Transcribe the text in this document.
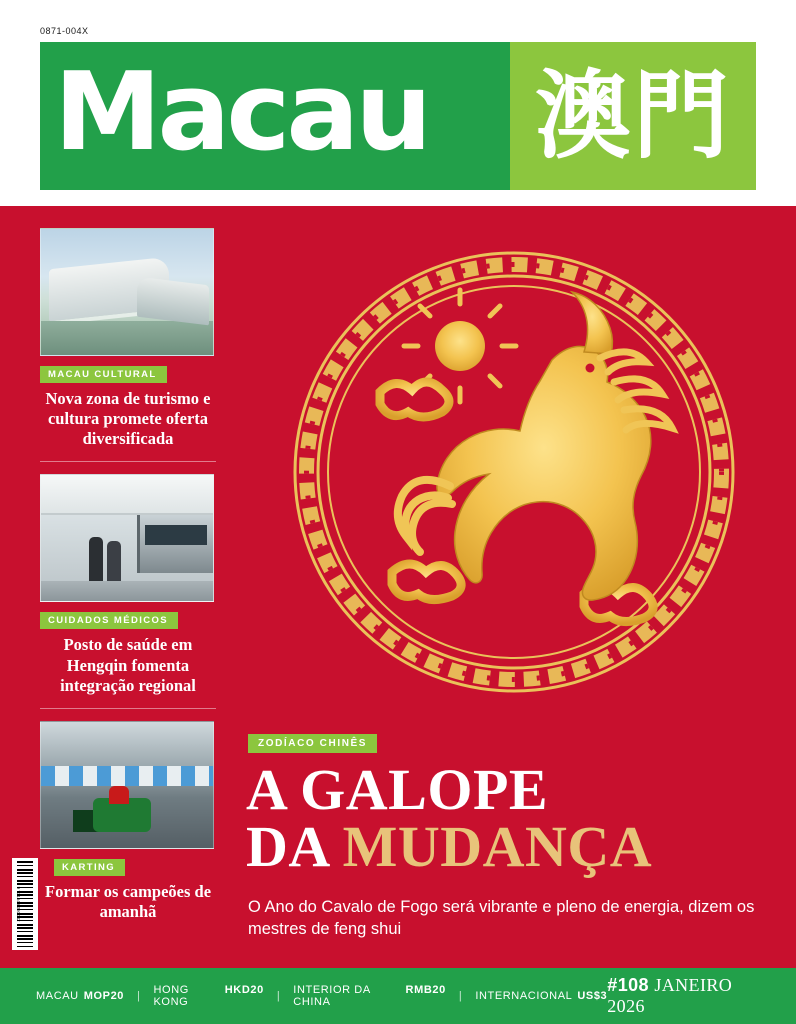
0871-004X
Macau 澳門
MACAU CULTURAL
Nova zona de turismo e cultura promete oferta diversificada
CUIDADOS MÉDICOS
Posto de saúde em Hengqin fomenta integração regional
KARTING
Formar os campeões de amanhã
9 771646 360042
ZODÍACO CHINÊS
A GALOPE
DA MUDANÇA
O Ano do Cavalo de Fogo será vibrante e pleno de energia, dizem os mestres de feng shui
MACAU MOP20 | HONG KONG
HKD20 | INTERIOR DA CHINA
RMB20 | INTERNACIONAL US$3
#108 JANEIRO 2026
